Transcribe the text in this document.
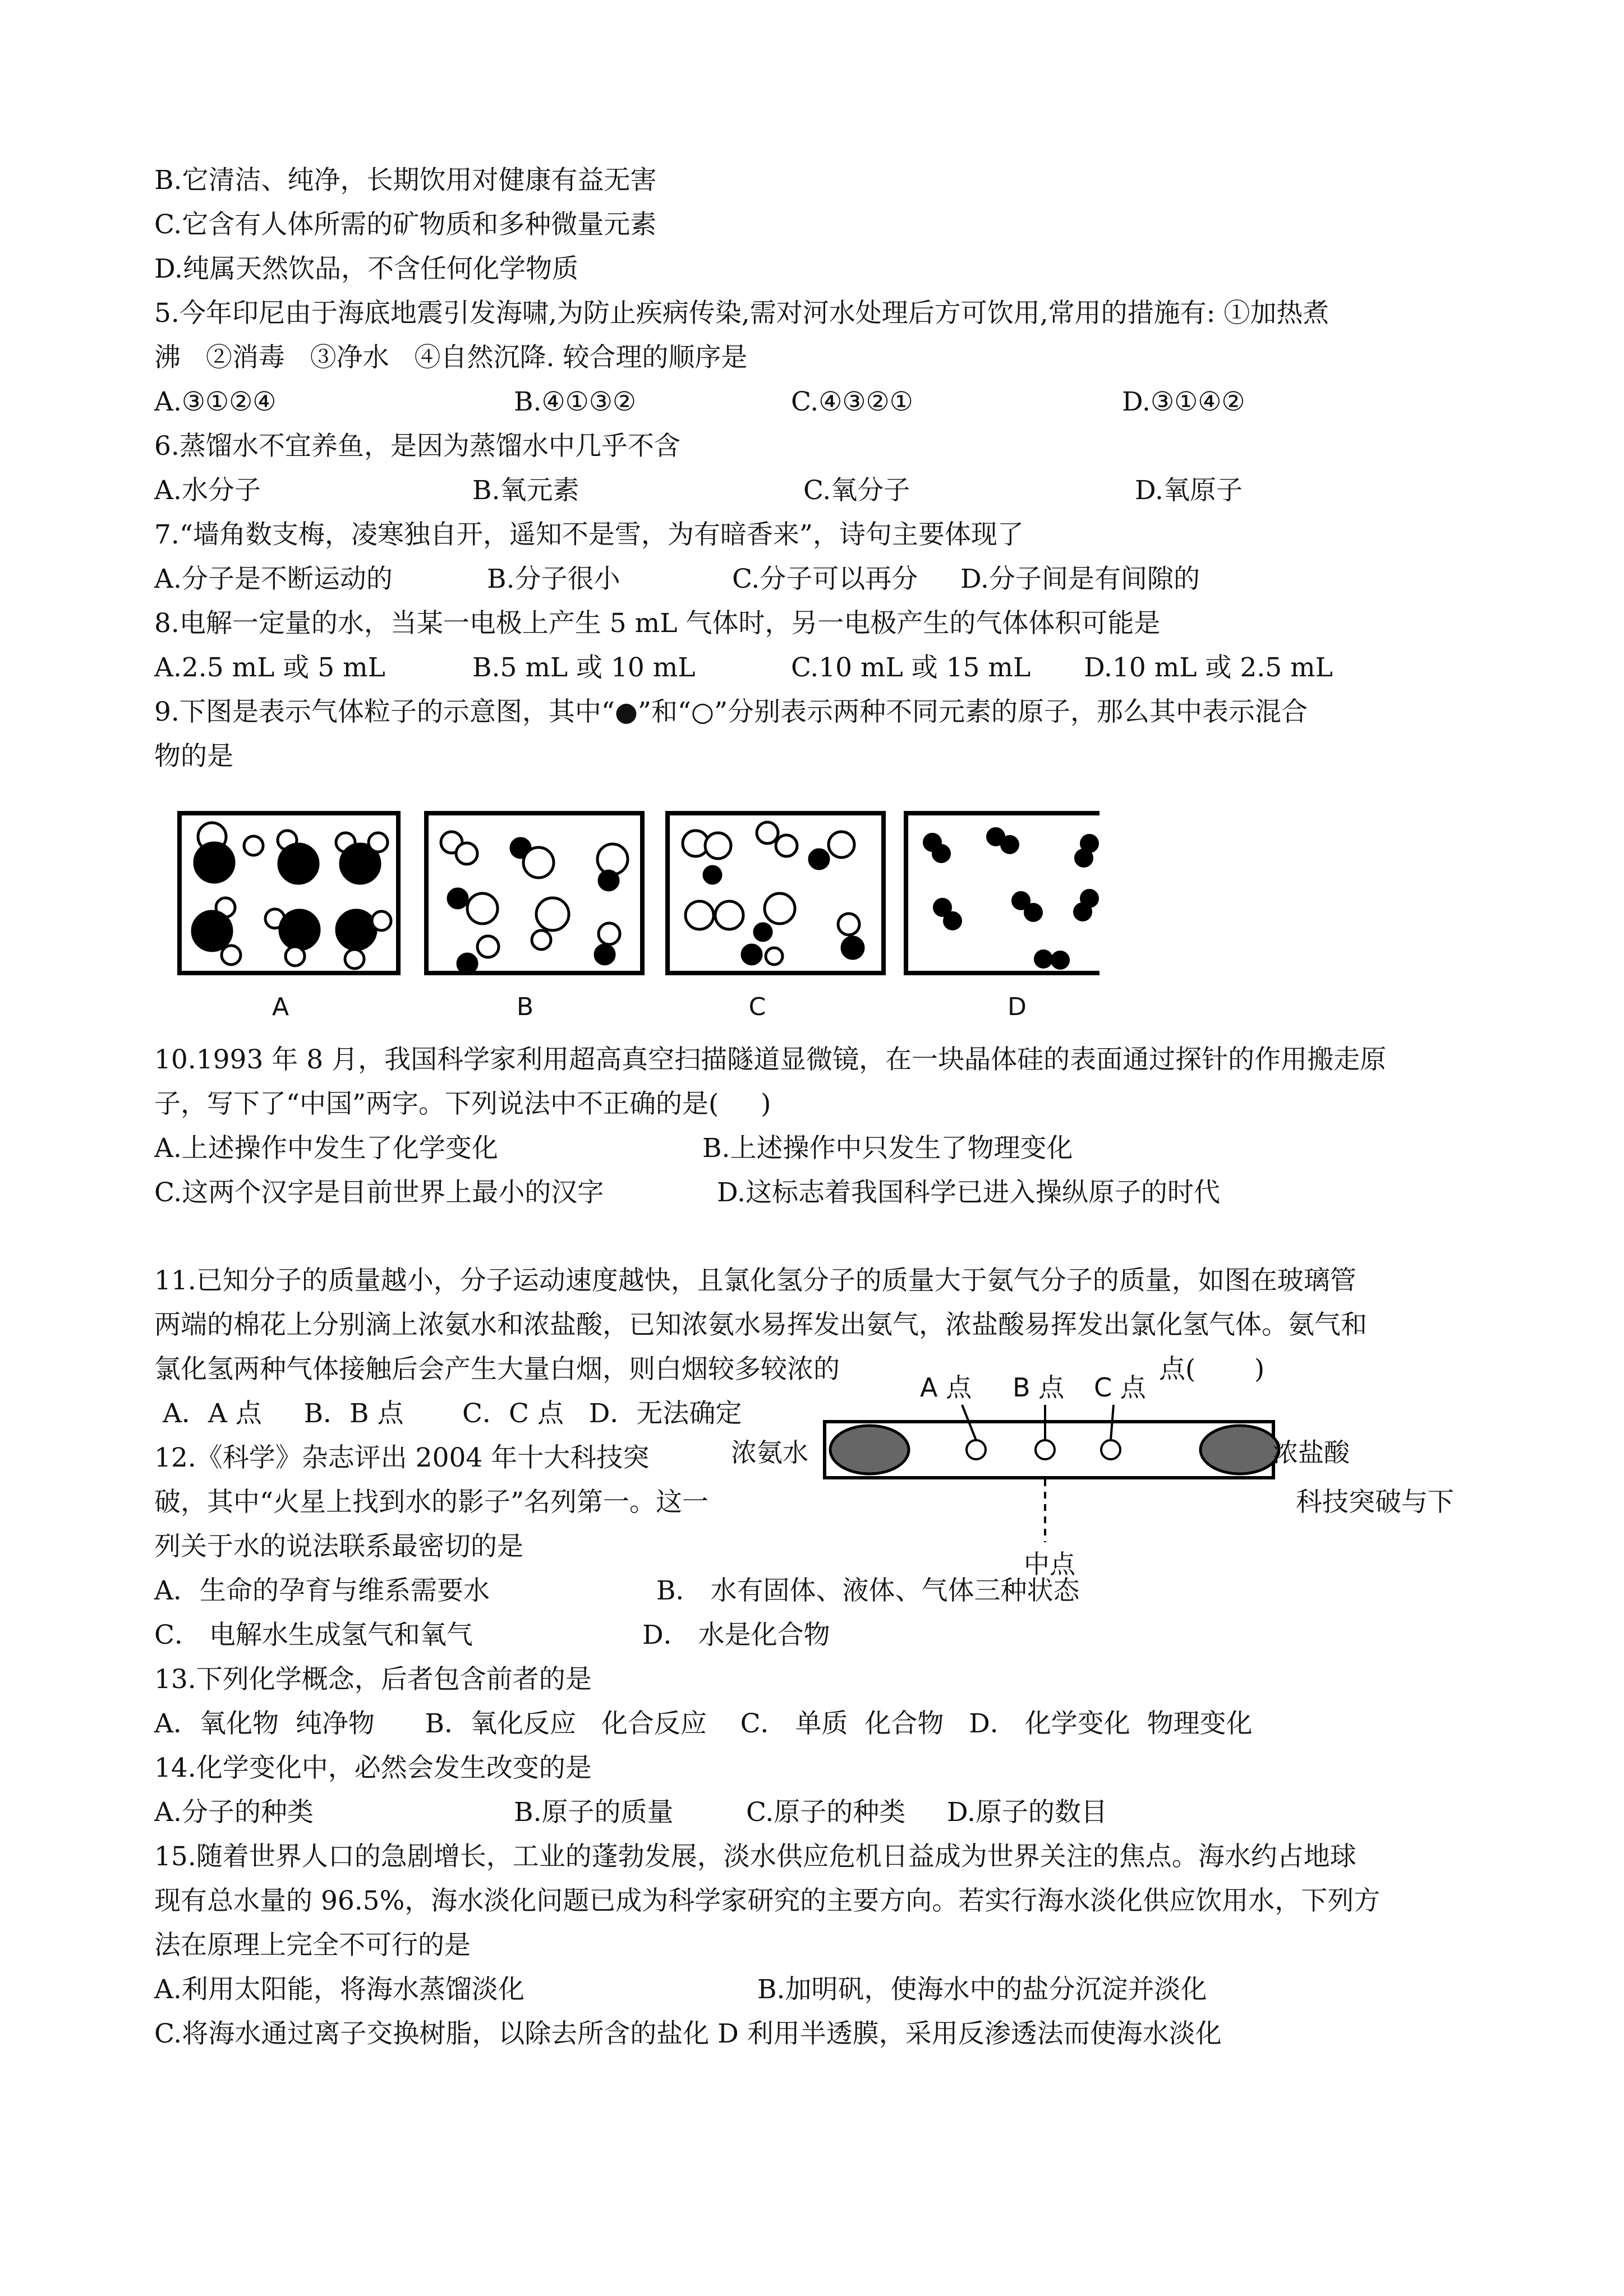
B.它清洁、纯净，长期饮用对健康有益无害
C.它含有人体所需的矿物质和多种微量元素
D.纯属天然饮品，不含任何化学物质
5.今年印尼由于海底地震引发海啸,为防止疾病传染,需对河水处理后方可饮用,常用的措施有: ①加热煮
沸   ②消毒   ③净水   ④自然沉降. 较合理的顺序是
A.③①②④	B.④①③②	C.④③②①	D.③①④②
6.蒸馏水不宜养鱼，是因为蒸馏水中几乎不含
A.水分子	B.氧元素	C.氧分子	D.氧原子
7.“墙角数支梅，凌寒独自开，遥知不是雪，为有暗香来”，诗句主要体现了
A.分子是不断运动的	B.分子很小	C.分子可以再分 D.分子间是有间隙的
8.电解一定量的水，当某一电极上产生 5 mL 气体时，另一电极产生的气体体积可能是
A.2.5 mL 或 5 mL	B.5 mL 或 10 mL	C.10 mL 或 15 mL D.10 mL 或 2.5 mL
9.下图是表示气体粒子的示意图，其中“●”和“○”分别表示两种不同元素的原子，那么其中表示混合
物的是
A	B	C	D
10.1993 年 8 月，我国科学家利用超高真空扫描隧道显微镜，在一块晶体硅的表面通过探针的作用搬走原
子，写下了“中国”两字。下列说法中不正确的是(     )
A.上述操作中发生了化学变化	B.上述操作中只发生了物理变化
C.这两个汉字是目前世界上最小的汉字	D.这标志着我国科学已进入操纵原子的时代
11.已知分子的质量越小，分子运动速度越快，且氯化氢分子的质量大于氨气分子的质量，如图在玻璃管
两端的棉花上分别滴上浓氨水和浓盐酸，已知浓氨水易挥发出氨气，浓盐酸易挥发出氯化氢气体。氨气和
氯化氢两种气体接触后会产生大量白烟，则白烟较多较浓的	点(       )
A．A 点     B．B 点       C．C 点   D．无法确定
A 点 B 点 C 点
中点
浓氨水	浓盐酸
12.《科学》杂志评出 2004 年十大科技突
破，其中“火星上找到水的影子”名列第一。这一	科技突破与下
列关于水的说法联系最密切的是
A．生命的孕育与维系需要水	B． 水有固体、液体、气体三种状态
C． 电解水生成氢气和氧气	D． 水是化合物
13.下列化学概念，后者包含前者的是
A．氧化物  纯净物      B．氧化反应   化合反应    C． 单质  化合物   D． 化学变化  物理变化
14.化学变化中，必然会发生改变的是
A.分子的种类	B.原子的质量	C.原子的种类 D.原子的数目
15.随着世界人口的急剧增长，工业的蓬勃发展，淡水供应危机日益成为世界关注的焦点。海水约占地球
现有总水量的 96.5%，海水淡化问题已成为科学家研究的主要方向。若实行海水淡化供应饮用水，下列方
法在原理上完全不可行的是
A.利用太阳能，将海水蒸馏淡化	B.加明矾，使海水中的盐分沉淀并淡化
C.将海水通过离子交换树脂，以除去所含的盐化 D 利用半透膜，采用反渗透法而使海水淡化
